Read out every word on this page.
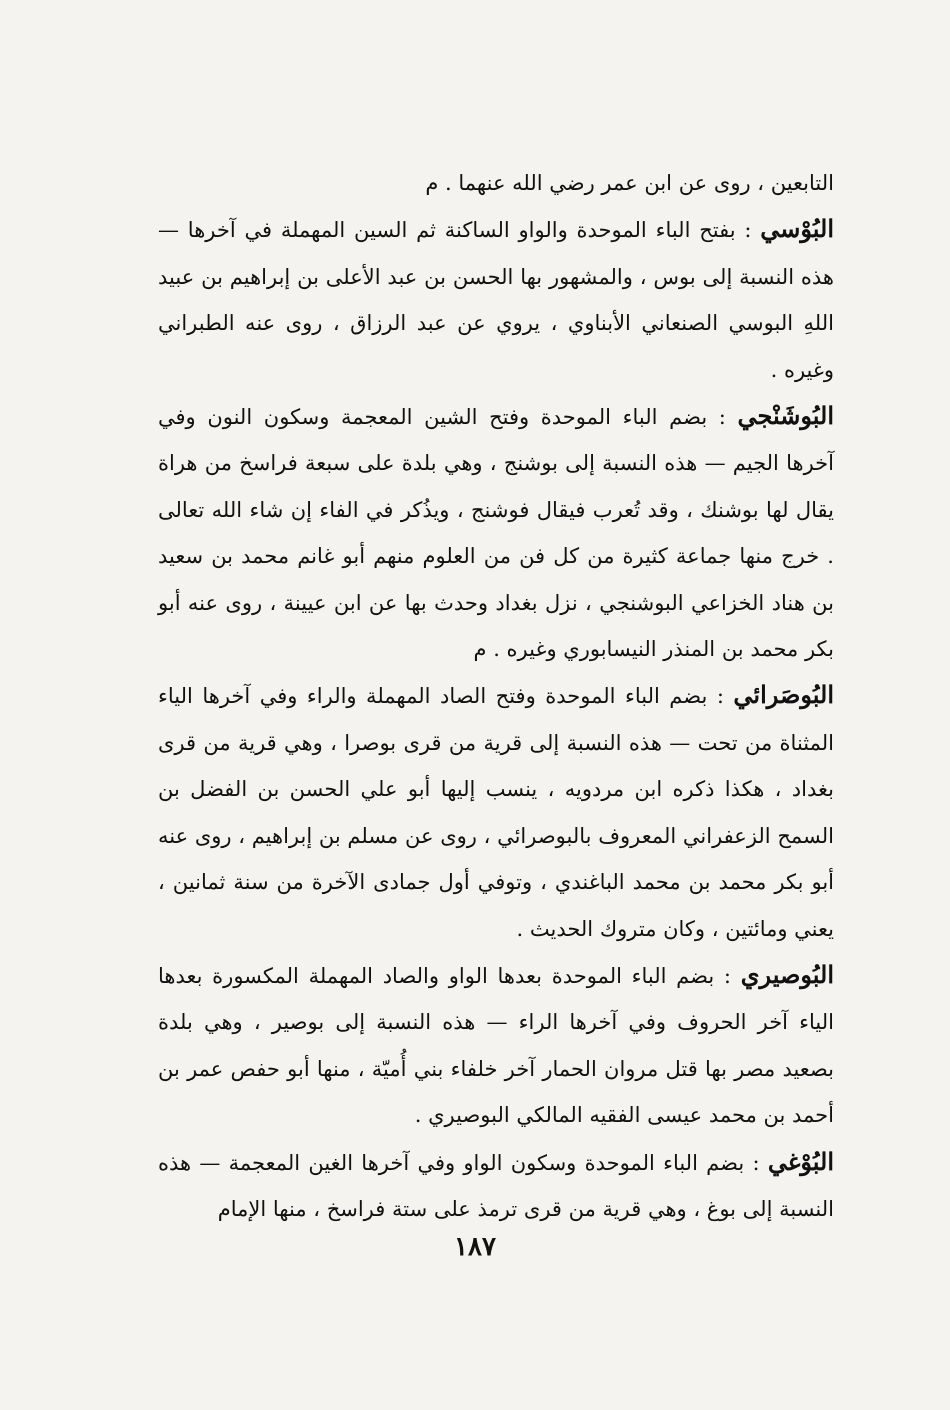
التابعين ، روى عن ابن عمر رضي الله عنهما . م

البُوْسي : بفتح الباء الموحدة والواو الساكنة ثم السين المهملة في آخرها — هذه النسبة إلى بوس ، والمشهور بها الحسن بن عبد الأعلى بن إبراهيم بن عبيد اللهِ البوسي الصنعاني الأبناوي ، يروي عن عبد الرزاق ، روى عنه الطبراني وغيره .

البُوشَنْجي : بضم الباء الموحدة وفتح الشين المعجمة وسكون النون وفي آخرها الجيم — هذه النسبة إلى بوشنج ، وهي بلدة على سبعة فراسخ من هراة يقال لها بوشنك ، وقد تُعرب فيقال فوشنج ، ويذُكر في الفاء إن شاء الله تعالى . خرج منها جماعة كثيرة من كل فن من العلوم منهم أبو غانم محمد بن سعيد بن هناد الخزاعي البوشنجي ، نزل بغداد وحدث بها عن ابن عيينة ، روى عنه أبو بكر محمد بن المنذر النيسابوري وغيره . م

البُوصَرائي : بضم الباء الموحدة وفتح الصاد المهملة والراء وفي آخرها الياء المثناة من تحت — هذه النسبة إلى قرية من قرى بوصرا ، وهي قرية من قرى بغداد ، هكذا ذكره ابن مردويه ، ينسب إليها أبو علي الحسن بن الفضل بن السمح الزعفراني المعروف بالبوصرائي ، روى عن مسلم بن إبراهيم ، روى عنه أبو بكر محمد بن محمد الباغندي ، وتوفي أول جمادى الآخرة من سنة ثمانين ، يعني ومائتين ، وكان متروك الحديث .

البُوصيري : بضم الباء الموحدة بعدها الواو والصاد المهملة المكسورة بعدها الياء آخر الحروف وفي آخرها الراء — هذه النسبة إلى بوصير ، وهي بلدة بصعيد مصر بها قتل مروان الحمار آخر خلفاء بني أُميّة ، منها أبو حفص عمر بن أحمد بن محمد عيسى الفقيه المالكي البوصيري .

البُوْغي : بضم الباء الموحدة وسكون الواو وفي آخرها الغين المعجمة — هذه النسبة إلى بوغ ، وهي قرية من قرى ترمذ على ستة فراسخ ، منها الإمام

١٨٧
